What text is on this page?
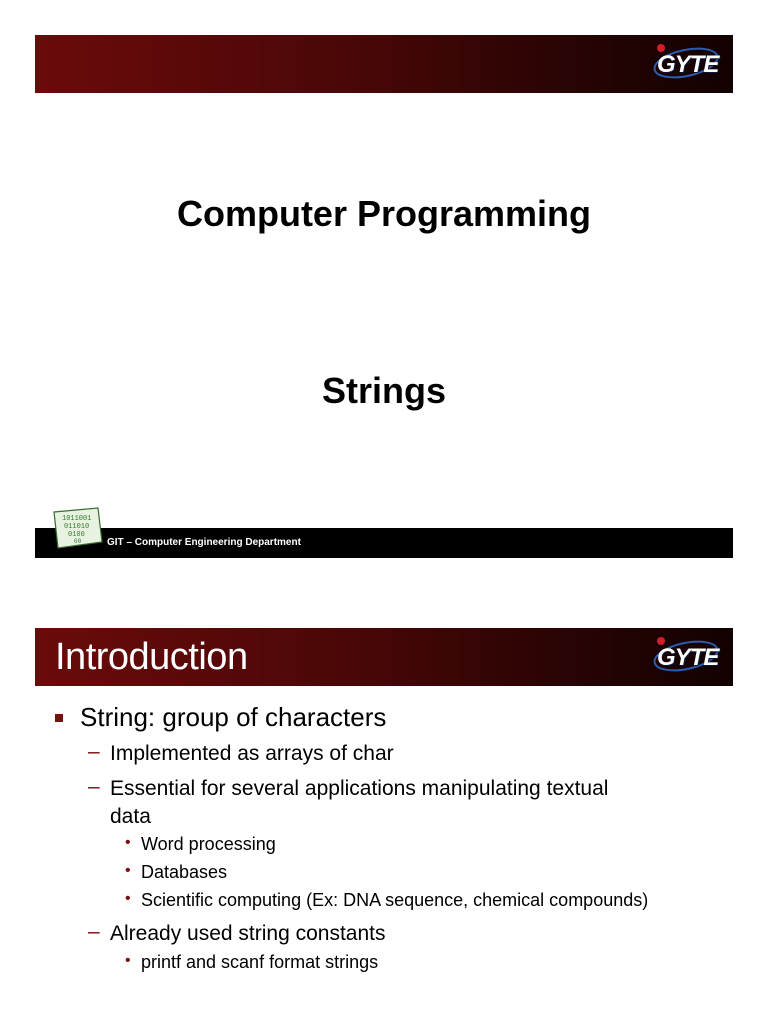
GYTE
Computer Programming
Strings
GIT – Computer Engineering Department
1011001
011010
0100
00
Introduction	GYTE
String: group of characters
– Implemented as arrays of char
– Essential for several applications manipulating textual
data
• Word processing
• Databases
• Scientific computing (Ex: DNA sequence, chemical compounds)
– Already used string constants
• printf and scanf format strings
